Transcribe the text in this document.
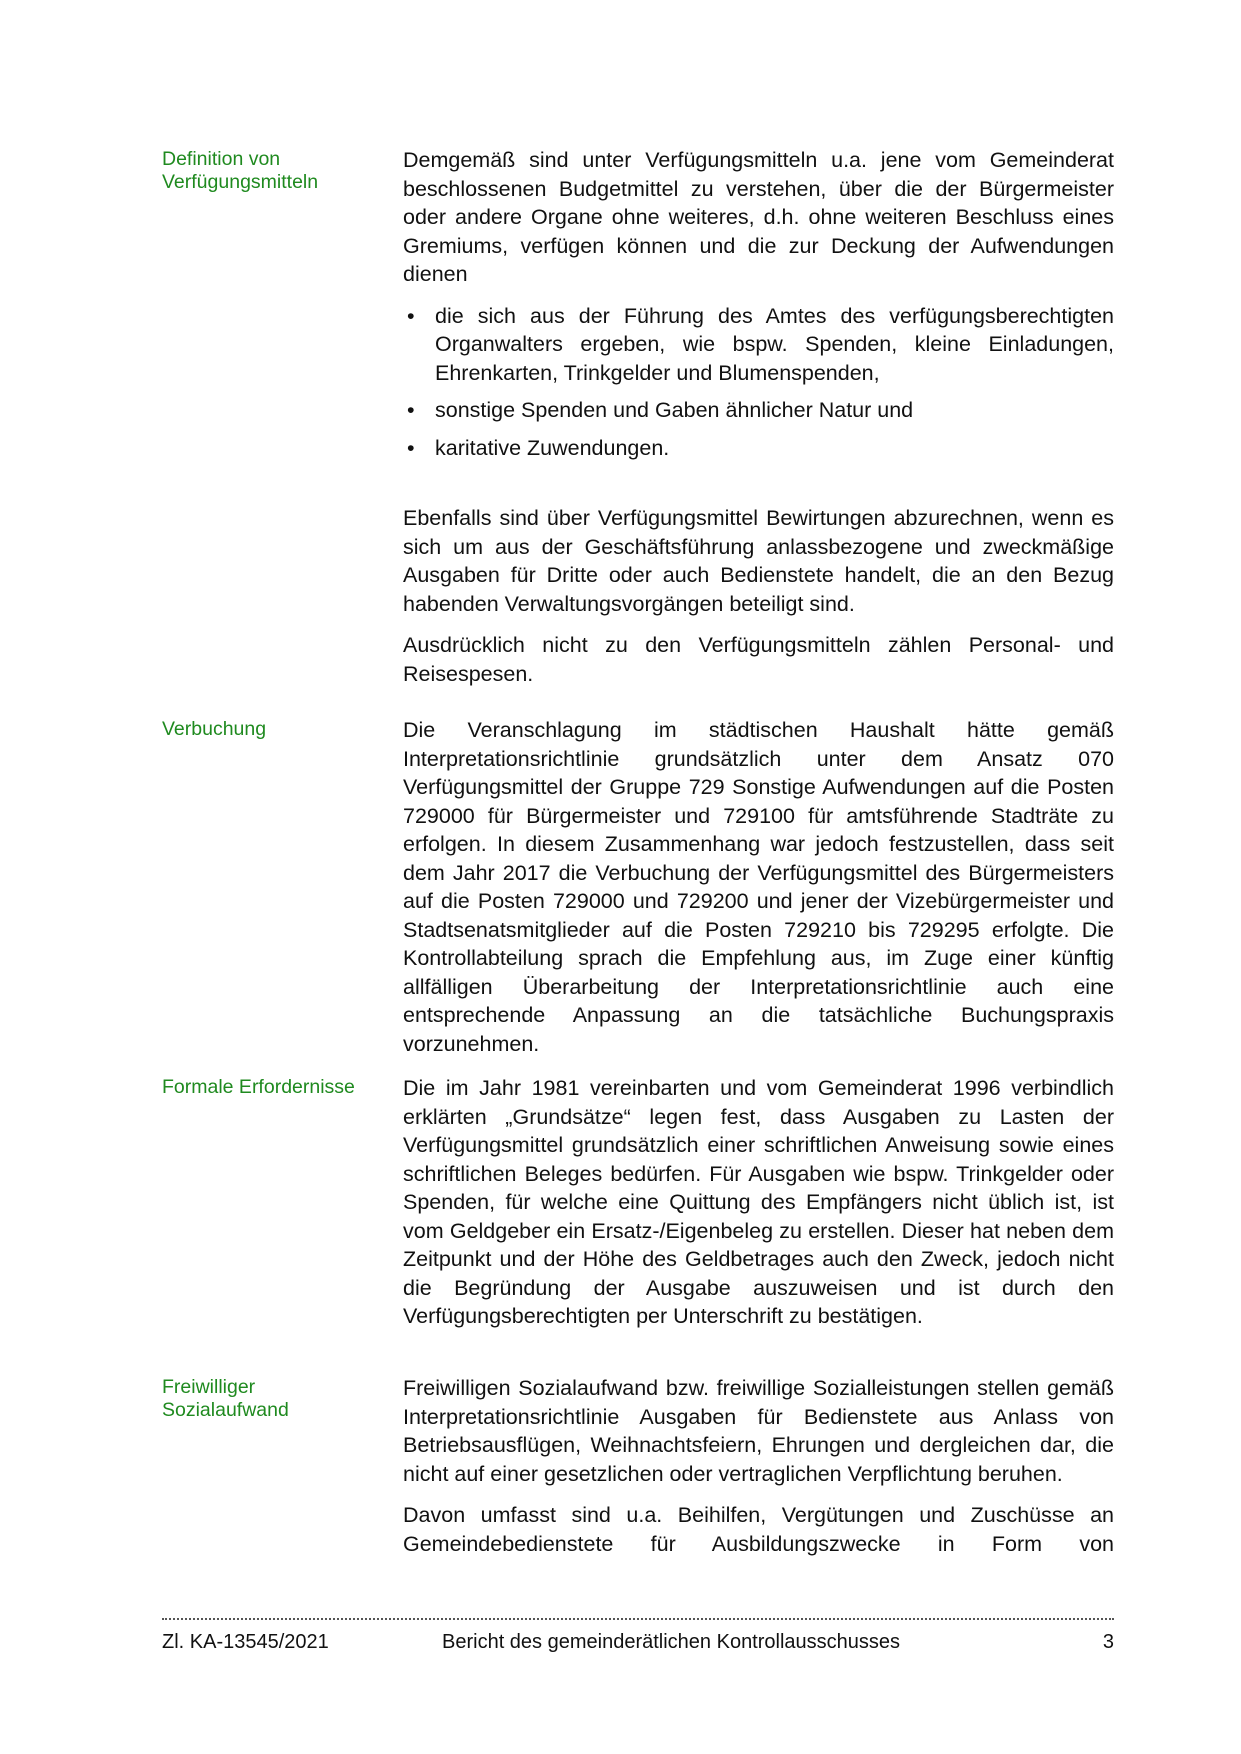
Definition von
Verfügungsmitteln

Demgemäß sind unter Verfügungsmitteln u.a. jene vom Gemeinderat beschlossenen Budgetmittel zu verstehen, über die der Bürgermeister oder andere Organe ohne weiteres, d.h. ohne weiteren Beschluss eines Gremiums, verfügen können und die zur Deckung der Aufwendungen dienen

• die sich aus der Führung des Amtes des verfügungsberechtigten Organwalters ergeben, wie bspw. Spenden, kleine Einladungen, Ehrenkarten, Trinkgelder und Blumenspenden,
• sonstige Spenden und Gaben ähnlicher Natur und
• karitative Zuwendungen.

Ebenfalls sind über Verfügungsmittel Bewirtungen abzurechnen, wenn es sich um aus der Geschäftsführung anlassbezogene und zweckmäßige Ausgaben für Dritte oder auch Bedienstete handelt, die an den Bezug habenden Verwaltungsvorgängen beteiligt sind.

Ausdrücklich nicht zu den Verfügungsmitteln zählen Personal- und Reisespesen.

Verbuchung	Die Veranschlagung im städtischen Haushalt hätte gemäß Interpretationsrichtlinie grundsätzlich unter dem Ansatz 070 Verfügungsmittel der Gruppe 729 Sonstige Aufwendungen auf die Posten 729000 für Bürgermeister und 729100 für amtsführende Stadträte zu erfolgen. In diesem Zusammenhang war jedoch festzustellen, dass seit dem Jahr 2017 die Verbuchung der Verfügungsmittel des Bürgermeisters auf die Posten 729000 und 729200 und jener der Vizebürgermeister und Stadtsenatsmitglieder auf die Posten 729210 bis 729295 erfolgte. Die Kontrollabteilung sprach die Empfehlung aus, im Zuge einer künftig allfälligen Überarbeitung der Interpretationsrichtlinie auch eine entsprechende Anpassung an die tatsächliche Buchungspraxis vorzunehmen.

Formale Erfordernisse	Die im Jahr 1981 vereinbarten und vom Gemeinderat 1996 verbindlich erklärten „Grundsätze“ legen fest, dass Ausgaben zu Lasten der Verfügungsmittel grundsätzlich einer schriftlichen Anweisung sowie eines schriftlichen Beleges bedürfen. Für Ausgaben wie bspw. Trinkgelder oder Spenden, für welche eine Quittung des Empfängers nicht üblich ist, ist vom Geldgeber ein Ersatz-/Eigenbeleg zu erstellen. Dieser hat neben dem Zeitpunkt und der Höhe des Geldbetrages auch den Zweck, jedoch nicht die Begründung der Ausgabe auszuweisen und ist durch den Verfügungsberechtigten per Unterschrift zu bestätigen.

Freiwilliger
Sozialaufwand

Freiwilligen Sozialaufwand bzw. freiwillige Sozialleistungen stellen gemäß Interpretationsrichtlinie Ausgaben für Bedienstete aus Anlass von Betriebsausflügen, Weihnachtsfeiern, Ehrungen und dergleichen dar, die nicht auf einer gesetzlichen oder vertraglichen Verpflichtung beruhen.

Davon umfasst sind u.a. Beihilfen, Vergütungen und Zuschüsse an Gemeindebedienstete für Ausbildungszwecke in Form von

Zl. KA-13545/2021	Bericht des gemeinderätlichen Kontrollausschusses	3
